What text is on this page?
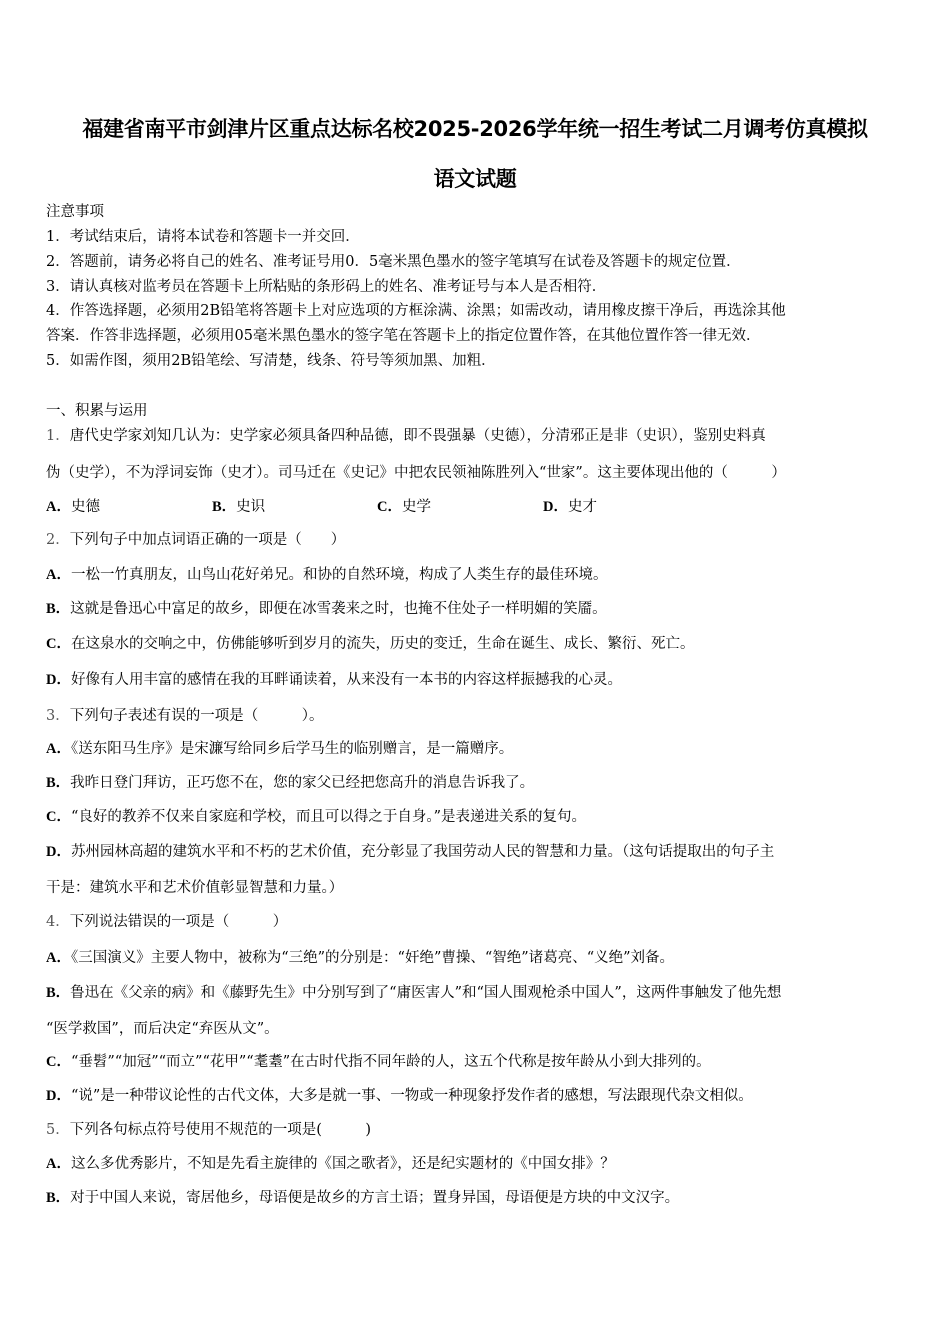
福建省南平市剑津片区重点达标名校2025-2026学年统一招生考试二月调考仿真模拟
语文试题
注意事项
1．考试结束后，请将本试卷和答题卡一并交回．
2．答题前，请务必将自己的姓名、准考证号用0．5毫米黑色墨水的签字笔填写在试卷及答题卡的规定位置．
3．请认真核对监考员在答题卡上所粘贴的条形码上的姓名、准考证号与本人是否相符．
4．作答选择题，必须用2B铅笔将答题卡上对应选项的方框涂满、涂黑；如需改动，请用橡皮擦干净后，再选涂其他
答案．作答非选择题，必须用05毫米黑色墨水的签字笔在答题卡上的指定位置作答，在其他位置作答一律无效．
5．如需作图，须用2B铅笔绘、写清楚，线条、符号等须加黑、加粗．
一、积累与运用
1．唐代史学家刘知几认为：史学家必须具备四种品德，即不畏强暴（史德），分清邪正是非（史识），鉴别史料真
伪（史学），不为浮词妄饰（史才）。司马迁在《史记》中把农民领袖陈胜列入“世家”。这主要体现出他的（　　　）
A．史德	B．史识	C．史学	D．史才
2．下列句子中加点词语正确的一项是（　　）
A．一松一竹真朋友，山鸟山花好弟兄。和协的自然环境，构成了人类生存的最佳环境。
B．这就是鲁迅心中富足的故乡，即便在冰雪袭来之时，也掩不住处子一样明媚的笑靥。
C．在这泉水的交响之中，仿佛能够听到岁月的流失，历史的变迁，生命在诞生、成长、繁衍、死亡。
D．好像有人用丰富的感情在我的耳畔诵读着，从来没有一本书的内容这样振撼我的心灵。
3．下列句子表述有误的一项是（　　　）。
A．《送东阳马生序》是宋濂写给同乡后学马生的临别赠言，是一篇赠序。
B．我昨日登门拜访，正巧您不在，您的家父已经把您高升的消息告诉我了。
C．“良好的教养不仅来自家庭和学校，而且可以得之于自身。”是表递进关系的复句。
D．苏州园林高超的建筑水平和不朽的艺术价值，充分彰显了我国劳动人民的智慧和力量。（这句话提取出的句子主
干是：建筑水平和艺术价值彰显智慧和力量。）
4．下列说法错误的一项是（　　　）
A．《三国演义》主要人物中，被称为“三绝”的分别是：“奸绝”曹操、“智绝”诸葛亮、“义绝”刘备。
B．鲁迅在《父亲的病》和《藤野先生》中分别写到了“庸医害人”和“国人围观枪杀中国人”，这两件事触发了他先想
“医学救国”，而后决定“弃医从文”。
C．“垂髫”“加冠”“而立”“花甲”“耄耋”在古时代指不同年龄的人，这五个代称是按年龄从小到大排列的。
D．“说”是一种带议论性的古代文体，大多是就一事、一物或一种现象抒发作者的感想，写法跟现代杂文相似。
5．下列各句标点符号使用不规范的一项是(　　　)
A．这么多优秀影片，不知是先看主旋律的《国之歌者》，还是纪实题材的《中国女排》？
B．对于中国人来说，寄居他乡，母语便是故乡的方言土语；置身异国，母语便是方块的中文汉字。
